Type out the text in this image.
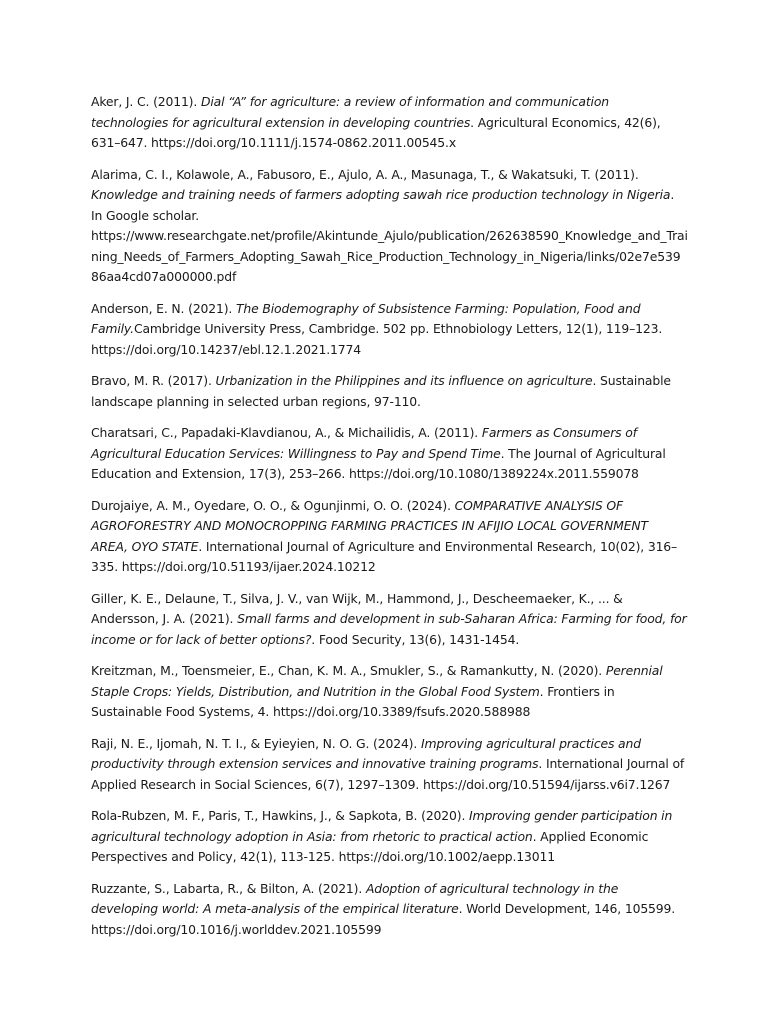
Aker, J. C. (2011). Dial “A” for agriculture: a review of information and communication technologies for agricultural extension in developing countries. Agricultural Economics, 42(6), 631–647. https://doi.org/10.1111/j.1574-0862.2011.00545.x
Alarima, C. I., Kolawole, A., Fabusoro, E., Ajulo, A. A., Masunaga, T., & Wakatsuki, T. (2011). Knowledge and training needs of farmers adopting sawah rice production technology in Nigeria. In Google scholar. https://www.researchgate.net/profile/Akintunde_Ajulo/publication/262638590_Knowledge_and_Training_Needs_of_Farmers_Adopting_Sawah_Rice_Production_Technology_in_Nigeria/links/02e7e53986aa4cd07a000000.pdf
Anderson, E. N. (2021). The Biodemography of Subsistence Farming: Population, Food and Family.Cambridge University Press, Cambridge. 502 pp. Ethnobiology Letters, 12(1), 119–123. https://doi.org/10.14237/ebl.12.1.2021.1774
Bravo, M. R. (2017). Urbanization in the Philippines and its influence on agriculture. Sustainable landscape planning in selected urban regions, 97-110.
Charatsari, C., Papadaki-Klavdianou, A., & Michailidis, A. (2011). Farmers as Consumers of Agricultural Education Services: Willingness to Pay and Spend Time. The Journal of Agricultural Education and Extension, 17(3), 253–266. https://doi.org/10.1080/1389224x.2011.559078
Durojaiye, A. M., Oyedare, O. O., & Ogunjinmi, O. O. (2024). COMPARATIVE ANALYSIS OF AGROFORESTRY AND MONOCROPPING FARMING PRACTICES IN AFIJIO LOCAL GOVERNMENT AREA, OYO STATE. International Journal of Agriculture and Environmental Research, 10(02), 316–335. https://doi.org/10.51193/ijaer.2024.10212
Giller, K. E., Delaune, T., Silva, J. V., van Wijk, M., Hammond, J., Descheemaeker, K., ... & Andersson, J. A. (2021). Small farms and development in sub-Saharan Africa: Farming for food, for income or for lack of better options?. Food Security, 13(6), 1431-1454.
Kreitzman, M., Toensmeier, E., Chan, K. M. A., Smukler, S., & Ramankutty, N. (2020). Perennial Staple Crops: Yields, Distribution, and Nutrition in the Global Food System. Frontiers in Sustainable Food Systems, 4. https://doi.org/10.3389/fsufs.2020.588988
Raji, N. E., Ijomah, N. T. I., & Eyieyien, N. O. G. (2024). Improving agricultural practices and productivity through extension services and innovative training programs. International Journal of Applied Research in Social Sciences, 6(7), 1297–1309. https://doi.org/10.51594/ijarss.v6i7.1267
Rola-Rubzen, M. F., Paris, T., Hawkins, J., & Sapkota, B. (2020). Improving gender participation in agricultural technology adoption in Asia: from rhetoric to practical action. Applied Economic Perspectives and Policy, 42(1), 113-125. https://doi.org/10.1002/aepp.13011
Ruzzante, S., Labarta, R., & Bilton, A. (2021). Adoption of agricultural technology in the developing world: A meta-analysis of the empirical literature. World Development, 146, 105599. https://doi.org/10.1016/j.worlddev.2021.105599
